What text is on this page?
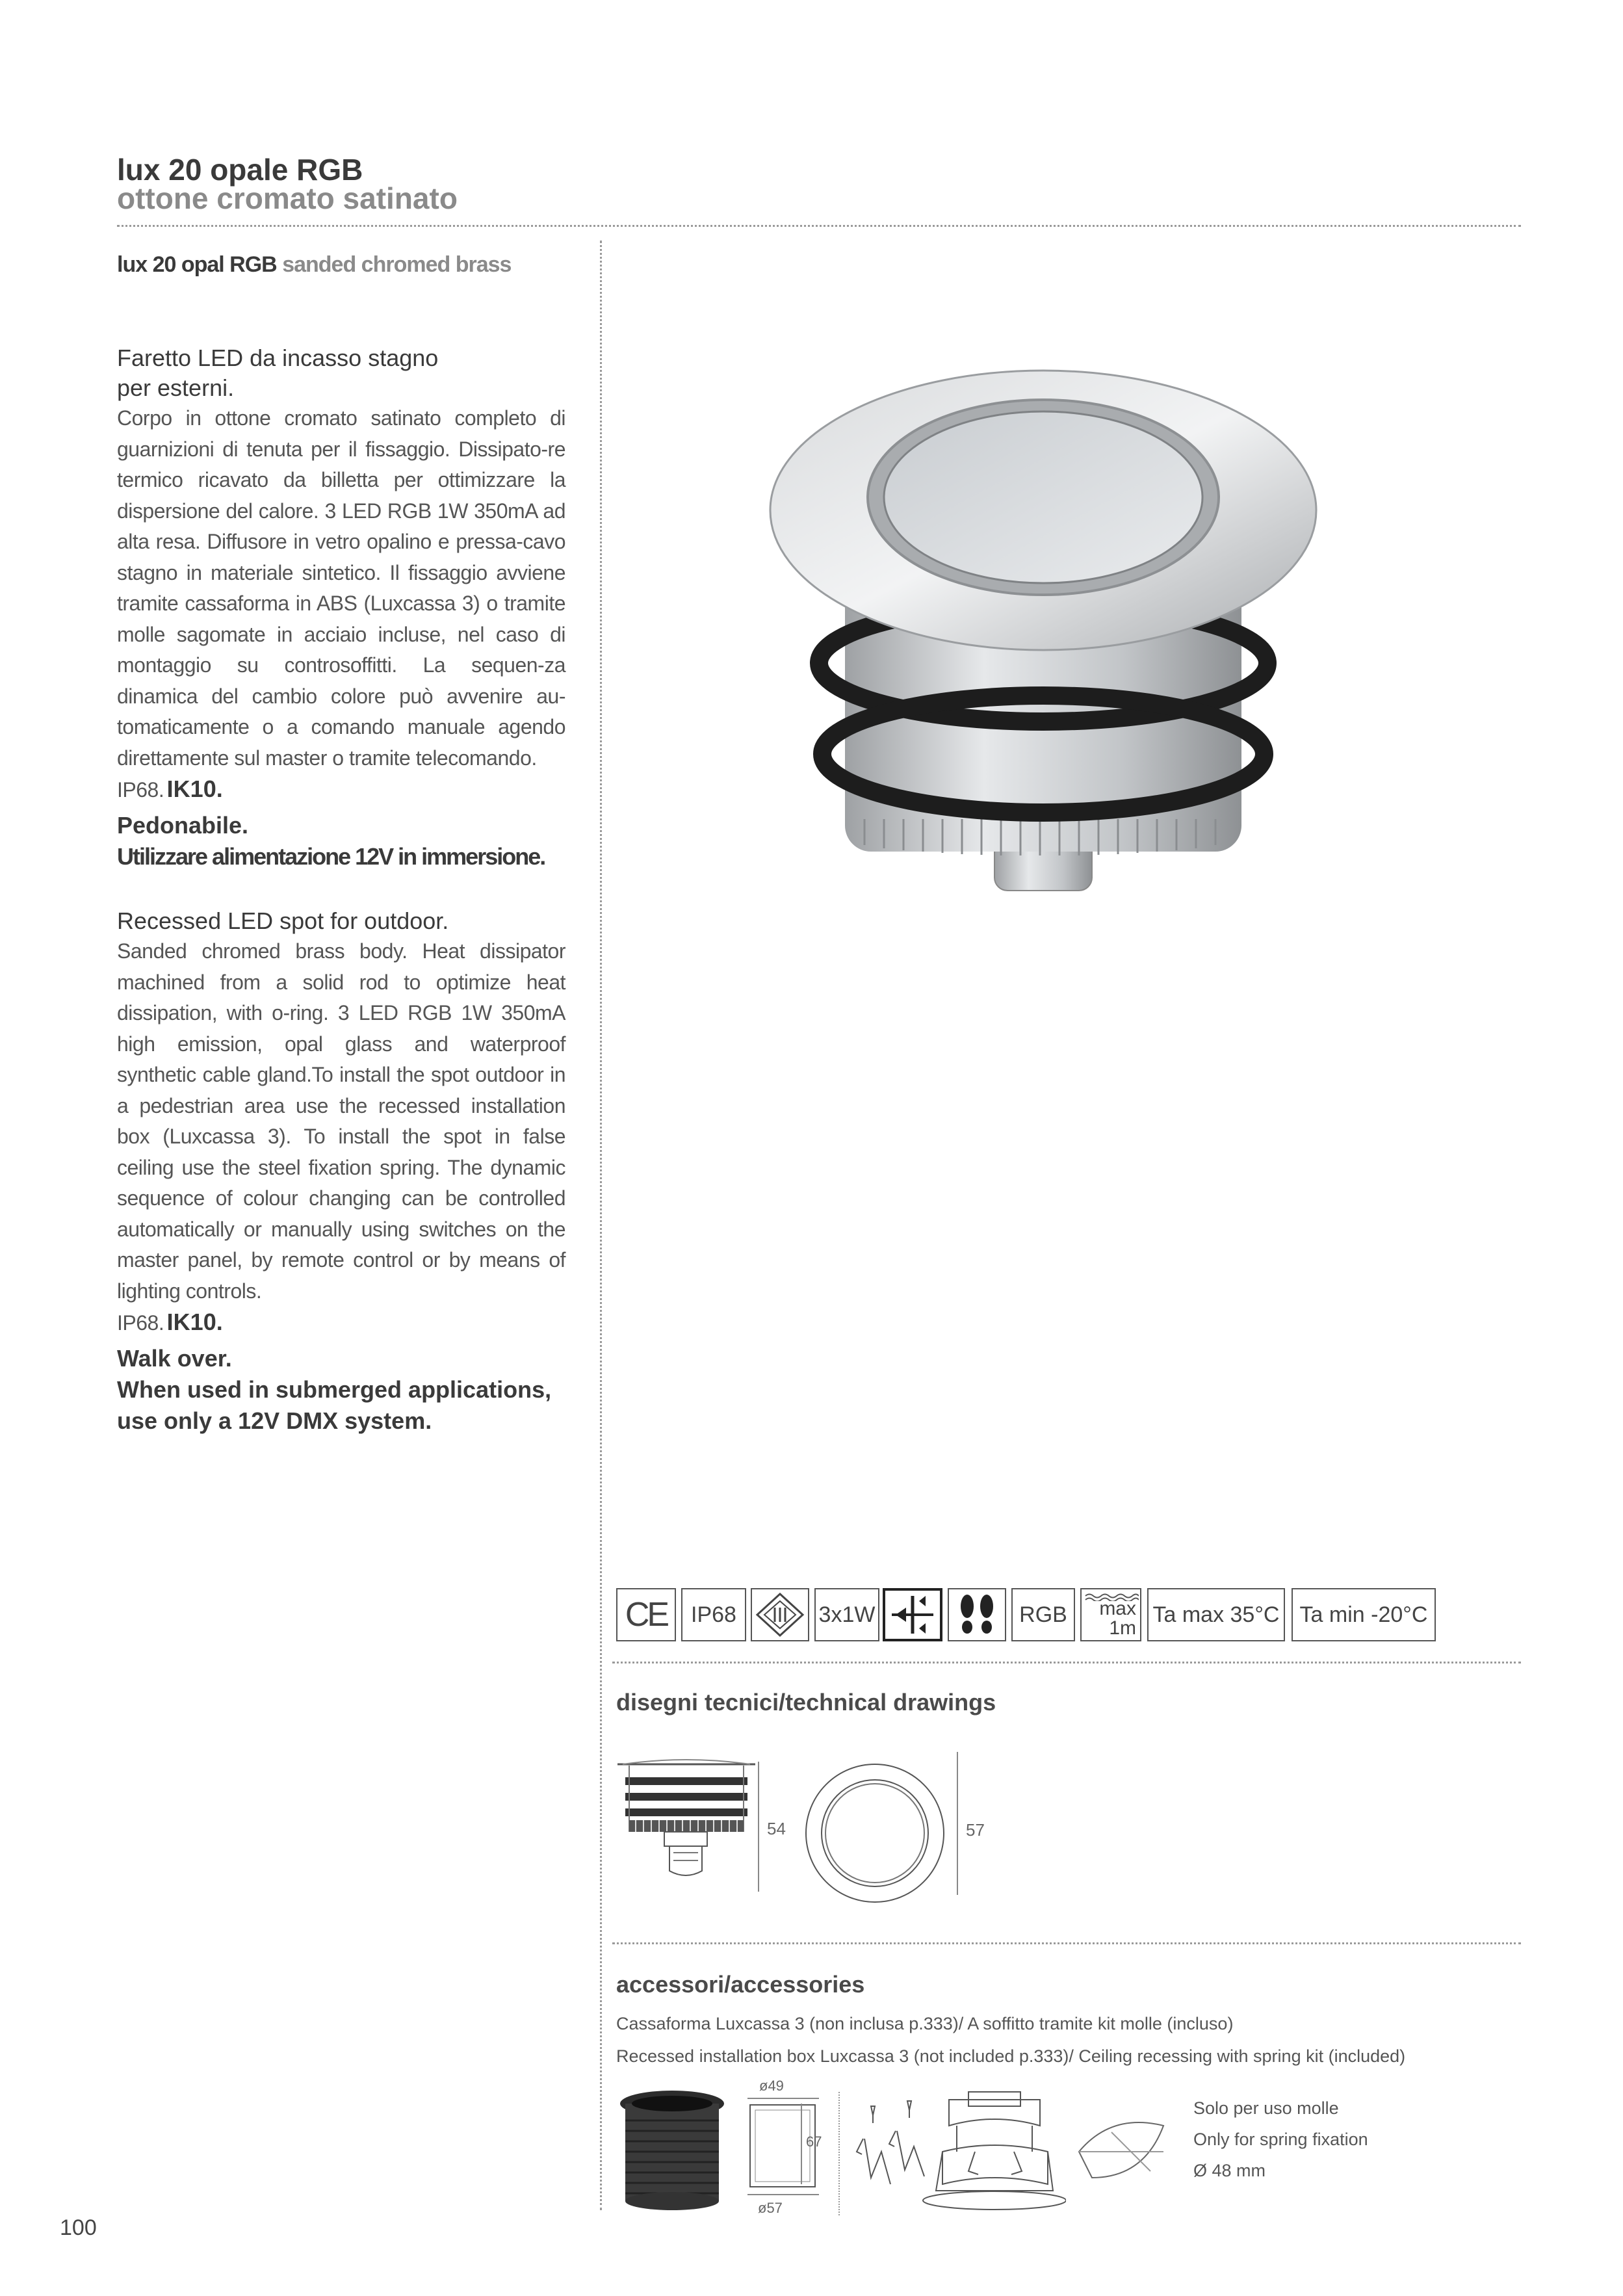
lux 20 opale RGB
ottone cromato satinato
lux 20 opal RGB sanded chromed brass
Faretto LED da incasso stagno
per esterni.
Corpo in ottone cromato satinato completo di guarnizioni di tenuta per il fissaggio. Dissipato-re termico ricavato da billetta per ottimizzare la dispersione del calore. 3 LED RGB 1W 350mA ad alta resa. Diffusore in vetro opalino e pressa-cavo stagno in materiale sintetico. Il fissaggio avviene tramite cassaforma in ABS (Luxcassa 3) o tramite molle sagomate in acciaio incluse, nel caso di montaggio su controsoffitti. La sequen-za dinamica del cambio colore può avvenire au-tomaticamente o a comando manuale agendo direttamente sul master o tramite telecomando.
IP68. IK10.
Pedonabile.
Utilizzare alimentazione 12V in immersione.
Recessed LED spot for outdoor.
Sanded chromed brass body. Heat dissipator machined from a solid rod to optimize heat dissipation, with o-ring. 3 LED RGB 1W 350mA high emission, opal glass and waterproof synthetic cable gland.To install the spot outdoor in a pedestrian area use the recessed installation box (Luxcassa 3). To install the spot in false ceiling use the steel fixation spring. The dynamic sequence of colour changing can be controlled automatically or manually using switches on the master panel, by remote control or by means of lighting controls.
IP68. IK10.
Walk over.
When used in submerged applications,
use only a 12V DMX system.
CE IP68	3x1W	RGB max
1m
Ta max 35°C Ta min -20°C
disegni tecnici/technical drawings
54	57
accessori/accessories
Cassaforma Luxcassa 3 (non inclusa p.333)/ A soffitto tramite kit molle (incluso)
Recessed installation box Luxcassa 3 (not included p.333)/ Ceiling recessing with spring kit (included)
ø49
67
ø57
Solo per uso molle
Only for spring fixation
Ø 48 mm
100
